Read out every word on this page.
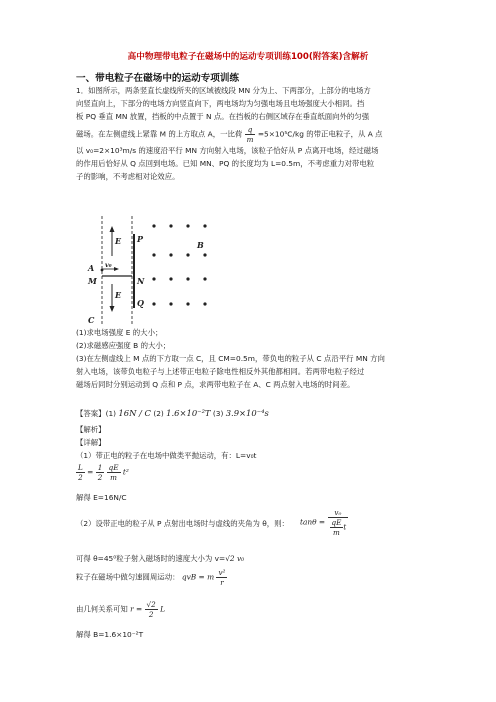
高中物理带电粒子在磁场中的运动专项训练100(附答案)含解析
一、带电粒子在磁场中的运动专项训练
1．如图所示，两条竖直长虚线所夹的区域被线段 MN 分为上、下两部分，上部分的电场方
向竖直向上，下部分的电场方向竖直向下，两电场均为匀强电场且电场强度大小相同。挡
板 PQ 垂直 MN 放置，挡板的中点置于 N 点。在挡板的右侧区域存在垂直纸面向外的匀强
磁场。在左侧虚线上紧靠 M 的上方取点 A，一比荷 $\frac{q}{m} =5\times 10^5C/kg$ 的带正电粒子，从 A 点
以 v₀=2×10³m/s 的速度沿平行 MN 方向射入电场，该粒子恰好从 P 点离开电场，经过磁场
的作用后恰好从 Q 点回到电场。已知 MN、PQ 的长度均为 L=0.5m，不考虑重力对带电粒
子的影响，不考虑相对论效应。
E P
B
A v₀
M	N
E
Q
C
(1)求电场强度 E 的大小；
(2)求磁感应强度 B 的大小；
(3)在左侧虚线上 M 点的下方取一点 C，且 CM=0.5m，带负电的粒子从 C 点沿平行 MN 方向
射入电场，该带负电粒子与上述带正电粒子除电性相反外其他都相同。若两带电粒子经过
磁场后同时分别运动到 Q 点和 P 点，求两带电粒子在 A、C 两点射入电场的时间差。
【答案】(1) 16N / C (2) 1.6×10⁻²T (3) 3.9×10⁻⁴s
【解析】
【详解】
（1）带正电的粒子在电场中做类平抛运动，有：L=v₀t
$\frac{L}{2} = \frac{1}{2}$
$\frac{qE}{m} t^2$
解得 E=16N/C
（2）设带正电的粒子从 P 点射出电场时与虚线的夹角为 θ，则： $\tan\theta = \frac{\text{v₀}}{\frac{qE}{m} t}$
可得 θ=45⁰粒子射入磁场时的速度大小为 v=√2 v₀
粒子在磁场中做匀速圆周运动： qvB = m $\frac{\text{v²}}{r}$
由几何关系可知 $r = \frac{√2}{2}$ L
解得 B=1.6×10⁻²T
